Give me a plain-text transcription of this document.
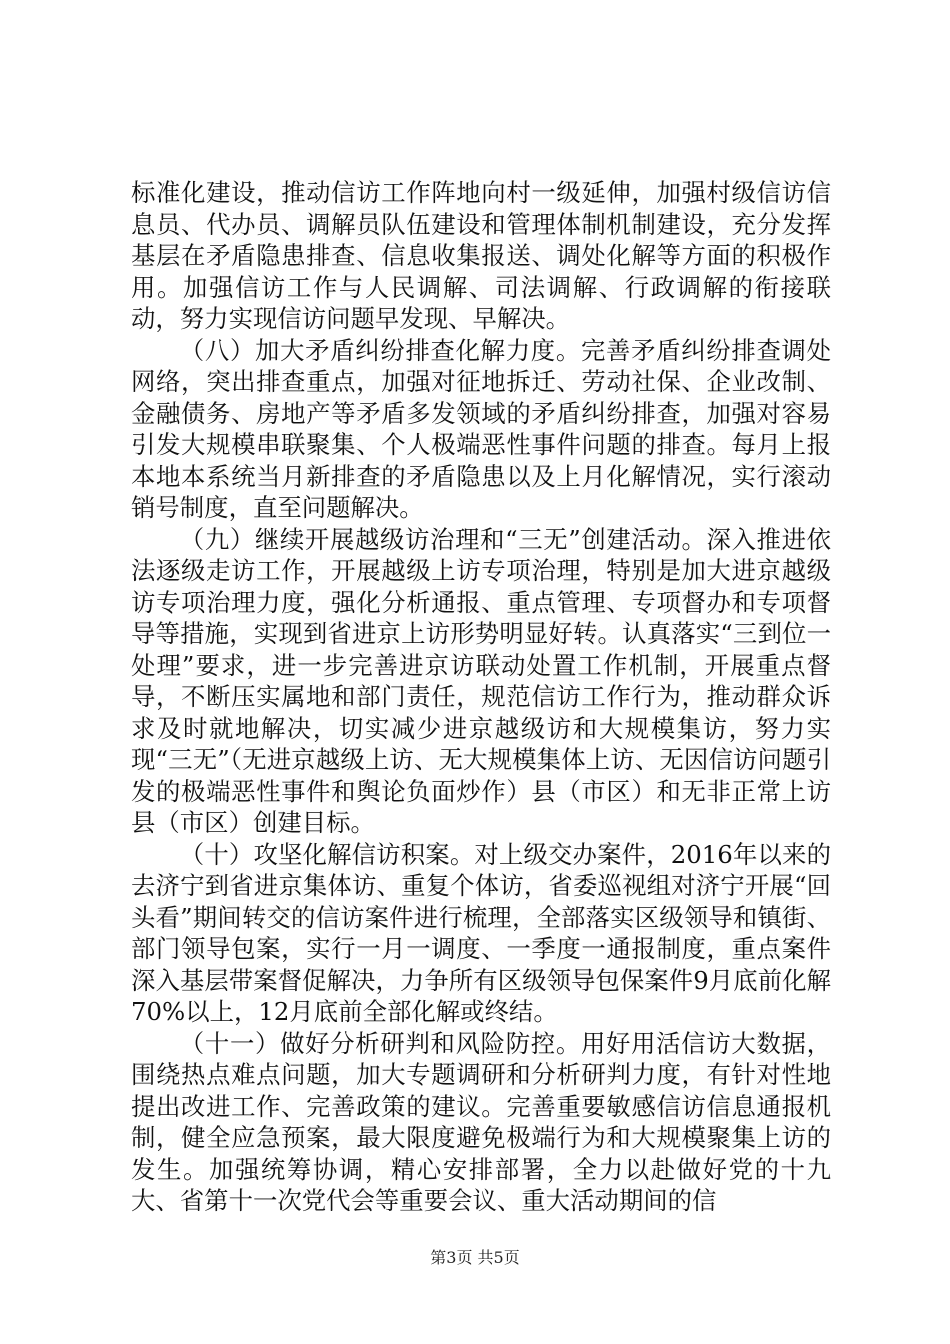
标准化建设，推动信访工作阵地向村一级延伸，加强村级信访信息员、代办员、调解员队伍建设和管理体制机制建设，充分发挥基层在矛盾隐患排查、信息收集报送、调处化解等方面的积极作用。加强信访工作与人民调解、司法调解、行政调解的衔接联动，努力实现信访问题早发现、早解决。

（八）加大矛盾纠纷排查化解力度。完善矛盾纠纷排查调处网络，突出排查重点，加强对征地拆迁、劳动社保、企业改制、金融债务、房地产等矛盾多发领域的矛盾纠纷排查，加强对容易引发大规模串联聚集、个人极端恶性事件问题的排查。每月上报本地本系统当月新排查的矛盾隐患以及上月化解情况，实行滚动销号制度，直至问题解决。

（九）继续开展越级访治理和“三无”创建活动。深入推进依法逐级走访工作，开展越级上访专项治理，特别是加大进京越级访专项治理力度，强化分析通报、重点管理、专项督办和专项督导等措施，实现到省进京上访形势明显好转。认真落实“三到位一处理”要求，进一步完善进京访联动处置工作机制，开展重点督导，不断压实属地和部门责任，规范信访工作行为，推动群众诉求及时就地解决，切实减少进京越级访和大规模集访，努力实现“三无”（无进京越级上访、无大规模集体上访、无因信访问题引发的极端恶性事件和舆论负面炒作）县（市区）和无非正常上访县（市区）创建目标。

（十）攻坚化解信访积案。对上级交办案件，2016年以来的去济宁到省进京集体访、重复个体访，省委巡视组对济宁开展“回头看”期间转交的信访案件进行梳理，全部落实区级领导和镇街、部门领导包案，实行一月一调度、一季度一通报制度，重点案件深入基层带案督促解决，力争所有区级领导包保案件9月底前化解70%以上，12月底前全部化解或终结。

（十一）做好分析研判和风险防控。用好用活信访大数据，围绕热点难点问题，加大专题调研和分析研判力度，有针对性地提出改进工作、完善政策的建议。完善重要敏感信访信息通报机制，健全应急预案，最大限度避免极端行为和大规模聚集上访的发生。加强统筹协调，精心安排部署，全力以赴做好党的十九大、省第十一次党代会等重要会议、重大活动期间的信

第3页 共5页
